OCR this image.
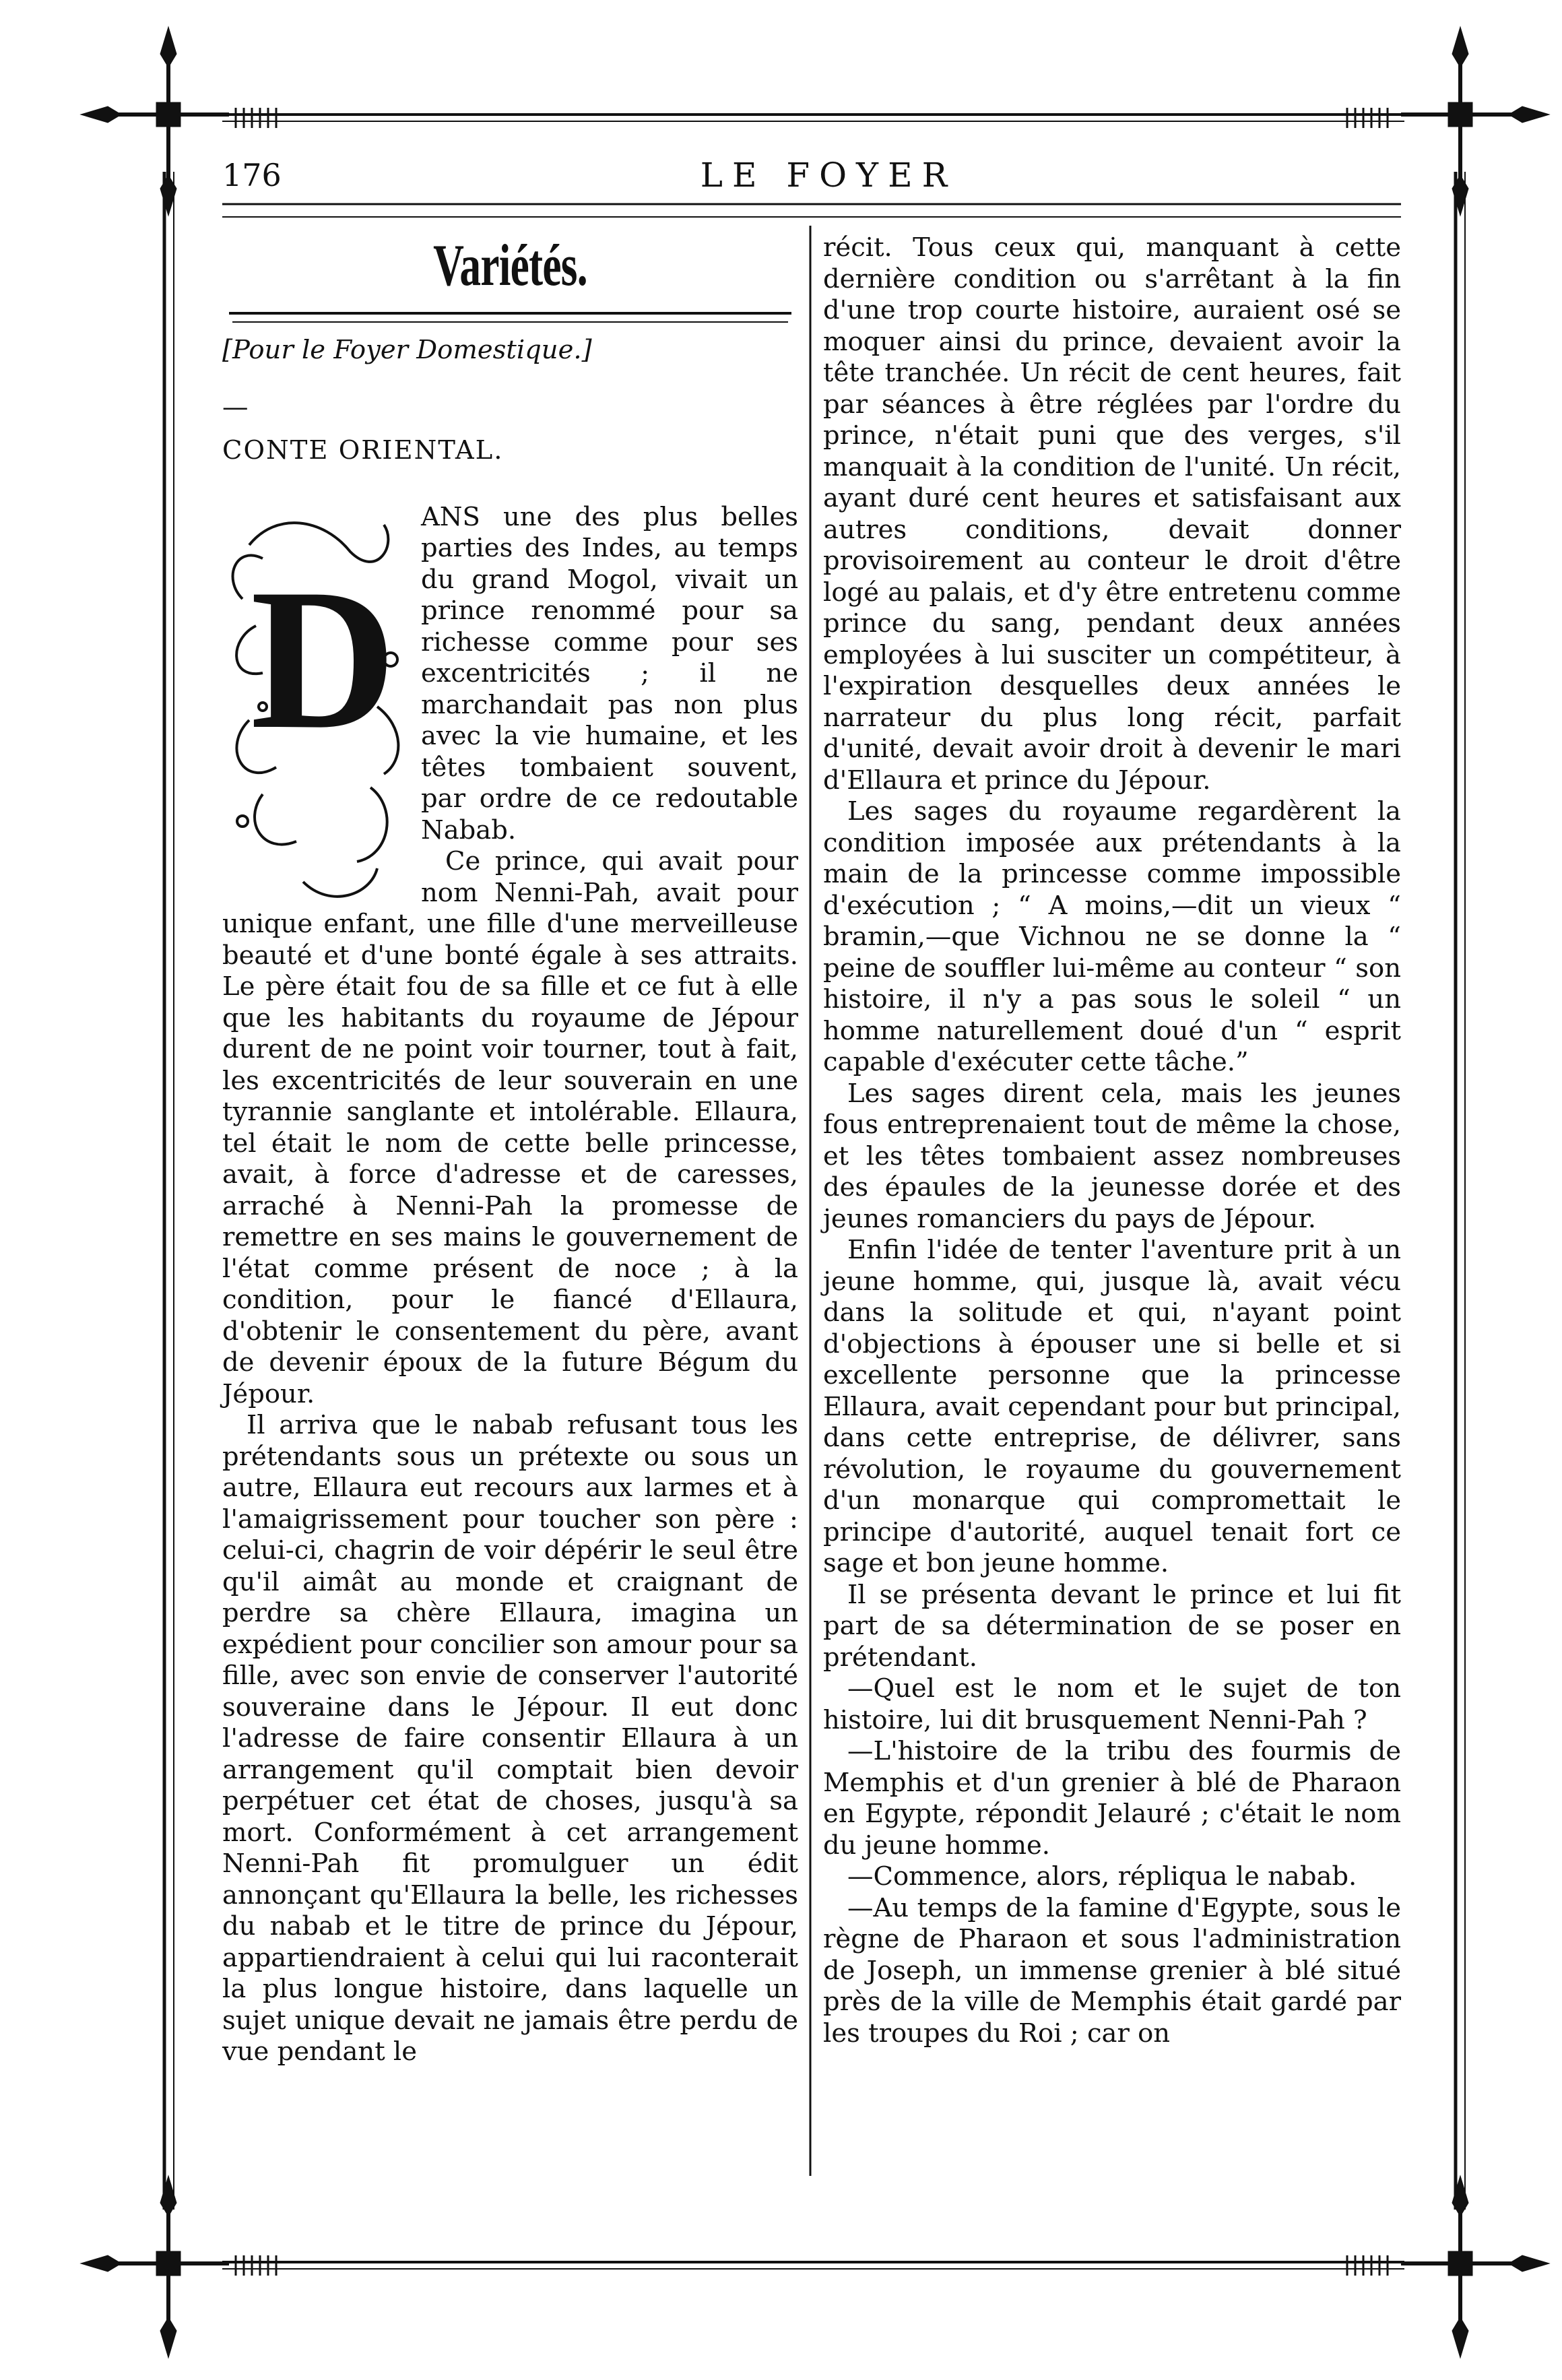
176	LE FOYER
Variétés.

[Pour le Foyer Domestique.]

—

CONTE ORIENTAL.

D

ANS une des plus belles parties des Indes, au temps du grand Mogol, vivait un prince renommé pour sa richesse comme pour ses excentricités ; il ne marchandait pas non plus avec la vie humaine, et les têtes tombaient souvent, par ordre de ce redoutable Nabab.

Ce prince, qui avait pour nom Nenni-Pah, avait pour unique enfant, une fille d'une merveilleuse beauté et d'une bonté égale à ses attraits. Le père était fou de sa fille et ce fut à elle que les habitants du royaume de Jépour durent de ne point voir tourner, tout à fait, les excentricités de leur souverain en une tyrannie sanglante et intolérable. Ellaura, tel était le nom de cette belle princesse, avait, à force d'adresse et de caresses, arraché à Nenni-Pah la promesse de remettre en ses mains le gouvernement de l'état comme présent de noce ; à la condition, pour le fiancé d'Ellaura, d'obtenir le consentement du père, avant de devenir époux de la future Bégum du Jépour.

Il arriva que le nabab refusant tous les prétendants sous un prétexte ou sous un autre, Ellaura eut recours aux larmes et à l'amaigrissement pour toucher son père : celui-ci, chagrin de voir dépérir le seul être qu'il aimât au monde et craignant de perdre sa chère Ellaura, imagina un expédient pour concilier son amour pour sa fille, avec son envie de conserver l'autorité souveraine dans le Jépour. Il eut donc l'adresse de faire consentir Ellaura à un arrangement qu'il comptait bien devoir perpétuer cet état de choses, jusqu'à sa mort. Conformément à cet arrangement Nenni-Pah fit promulguer un édit annonçant qu'Ellaura la belle, les richesses du nabab et le titre de prince du Jépour, appartiendraient à celui qui lui raconterait la plus longue histoire, dans laquelle un sujet unique devait ne jamais être perdu de vue pendant le

récit. Tous ceux qui, manquant à cette dernière condition ou s'arrêtant à la fin d'une trop courte histoire, auraient osé se moquer ainsi du prince, devaient avoir la tête tranchée. Un récit de cent heures, fait par séances à être réglées par l'ordre du prince, n'était puni que des verges, s'il manquait à la condition de l'unité. Un récit, ayant duré cent heures et satisfaisant aux autres conditions, devait donner provisoirement au conteur le droit d'être logé au palais, et d'y être entretenu comme prince du sang, pendant deux années employées à lui susciter un compétiteur, à l'expiration desquelles deux années le narrateur du plus long récit, parfait d'unité, devait avoir droit à devenir le mari d'Ellaura et prince du Jépour.

Les sages du royaume regardèrent la condition imposée aux prétendants à la main de la princesse comme impossible d'exécution ; “ A moins,—dit un vieux “ bramin,—que Vichnou ne se donne la “ peine de souffler lui-même au conteur “ son histoire, il n'y a pas sous le soleil “ un homme naturellement doué d'un “ esprit capable d'exécuter cette tâche.”

Les sages dirent cela, mais les jeunes fous entreprenaient tout de même la chose, et les têtes tombaient assez nombreuses des épaules de la jeunesse dorée et des jeunes romanciers du pays de Jépour.

Enfin l'idée de tenter l'aventure prit à un jeune homme, qui, jusque là, avait vécu dans la solitude et qui, n'ayant point d'objections à épouser une si belle et si excellente personne que la princesse Ellaura, avait cependant pour but principal, dans cette entreprise, de délivrer, sans révolution, le royaume du gouvernement d'un monarque qui compromettait le principe d'autorité, auquel tenait fort ce sage et bon jeune homme.

Il se présenta devant le prince et lui fit part de sa détermination de se poser en prétendant.

—Quel est le nom et le sujet de ton histoire, lui dit brusquement Nenni-Pah ?

—L'histoire de la tribu des fourmis de Memphis et d'un grenier à blé de Pharaon en Egypte, répondit Jelauré ; c'était le nom du jeune homme.

—Commence, alors, répliqua le nabab.

—Au temps de la famine d'Egypte, sous le règne de Pharaon et sous l'administration de Joseph, un immense grenier à blé situé près de la ville de Memphis était gardé par les troupes du Roi ; car on
